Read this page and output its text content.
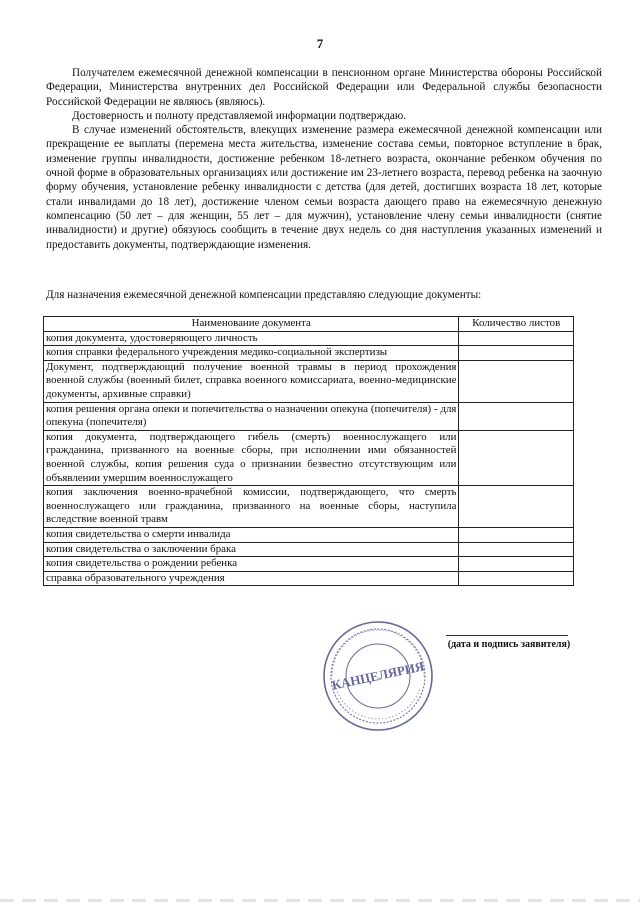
7

Получателем ежемесячной денежной компенсации в пенсионном органе Министерства обороны Российской Федерации, Министерства внутренних дел Российской Федерации или Федеральной службы безопасности Российской Федерации не являюсь (являюсь).

Достоверность и полноту представляемой информации подтверждаю.

В случае изменений обстоятельств, влекущих изменение размера ежемесячной денежной компенсации или прекращение ее выплаты (перемена места жительства, изменение состава семьи, повторное вступление в брак, изменение группы инвалидности, достижение ребенком 18-летнего возраста, окончание ребенком обучения по очной форме в образовательных организациях или достижение им 23-летнего возраста, перевод ребенка на заочную форму обучения, установление ребенку инвалидности с детства (для детей, достигших возраста 18 лет, которые стали инвалидами до 18 лет), достижение членом семьи возраста дающего право на ежемесячную денежную компенсацию (50 лет – для женщин, 55 лет – для мужчин), установление члену семьи инвалидности (снятие инвалидности) и другие) обязуюсь сообщить в течение двух недель со дня наступления указанных изменений и предоставить документы, подтверждающие изменения.

Для назначения ежемесячной денежной компенсации представляю следующие документы:
Наименование документа	Количество листов
копия документа, удостоверяющего личность	
копия справки федерального учреждения медико-социальной экспертизы	
Документ, подтверждающий получение военной травмы в период прохождения военной службы (военный билет, справка военного комиссариата, военно-медицинские документы, архивные справки)	
копия решения органа опеки и попечительства о назначении опекуна (попечителя) - для опекуна (попечителя)	
копия документа, подтверждающего гибель (смерть) военнослужащего или гражданина, призванного на военные сборы, при исполнении ими обязанностей военной службы, копия решения суда о признании безвестно отсутствующим или объявлении умершим военнослужащего	
копия заключения военно-врачебной комиссии, подтверждающего, что смерть военнослужащего или гражданина, призванного на военные сборы, наступила вследствие военной травм	
копия свидетельства о смерти инвалида	
копия свидетельства о заключении брака	
копия свидетельства о рождении ребенка	
справка образовательного учреждения	
КАНЦЕЛЯРИЯ
(дата и подпись заявителя)
